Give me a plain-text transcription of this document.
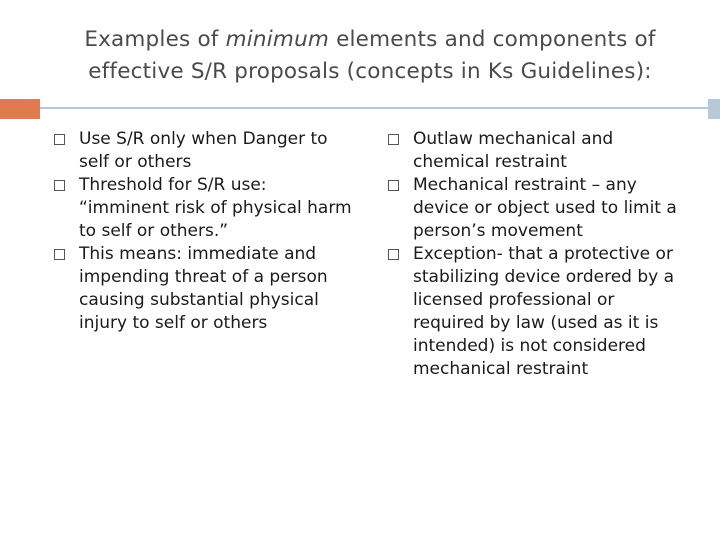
Examples of minimum elements and components of effective S/R proposals (concepts in Ks Guidelines):
Use S/R only when Danger to self or others
Threshold for S/R use: “imminent risk of physical harm to self or others.”
This means: immediate and impending threat of a person causing substantial physical injury to self or others
Outlaw mechanical and chemical restraint
Mechanical restraint – any device or object used to limit a person’s movement
Exception- that a protective or stabilizing device ordered by a licensed professional or required by law (used as it is intended) is not considered mechanical restraint
